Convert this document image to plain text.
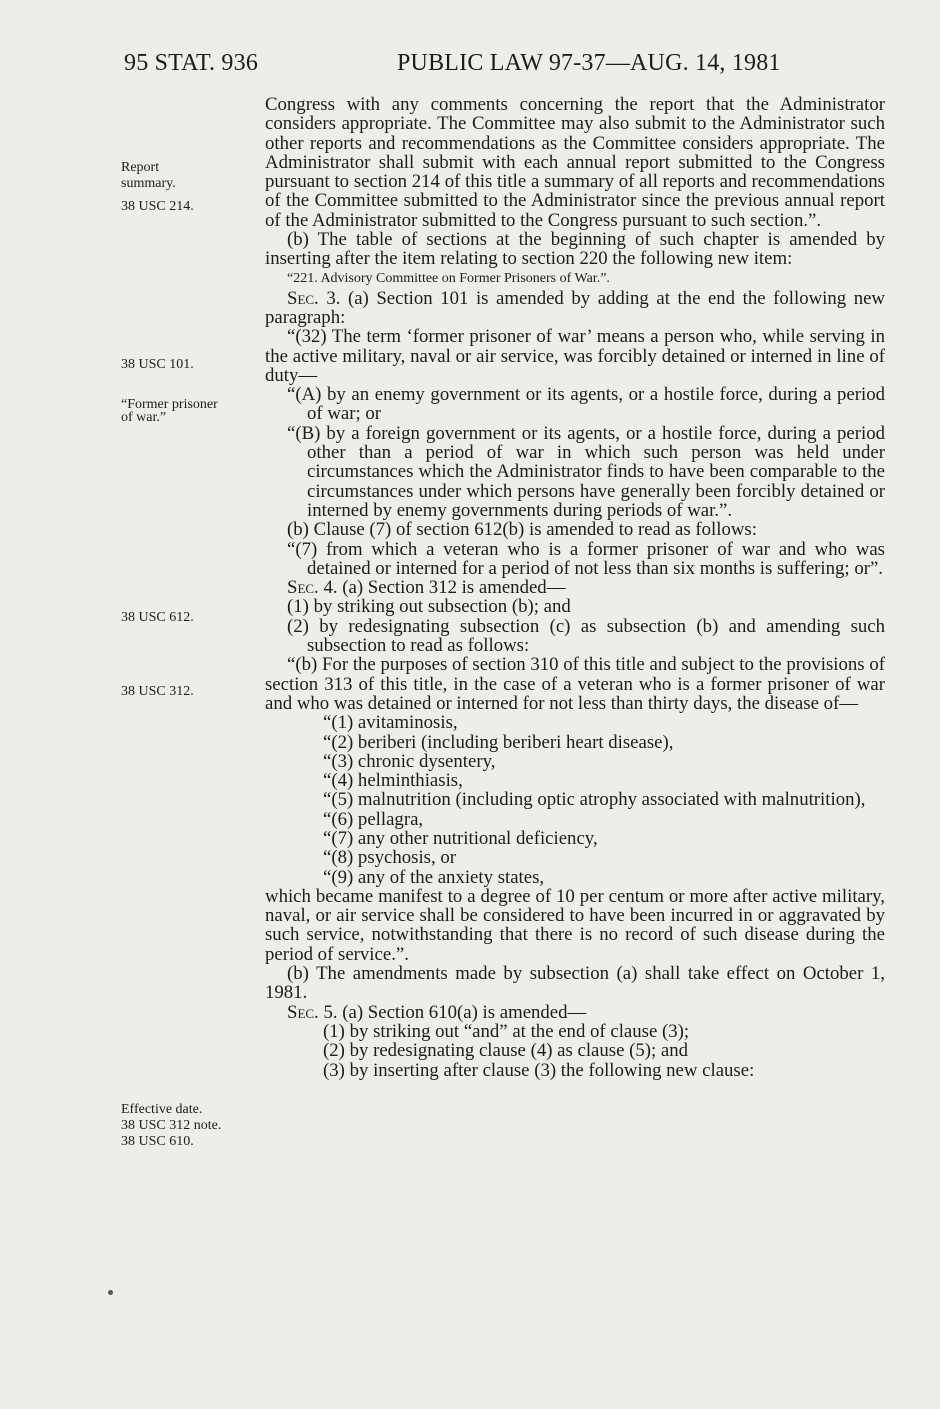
95 STAT. 936	PUBLIC LAW 97-37—AUG. 14, 1981
Report
summary.
38 USC 214.
38 USC 101.
“Former prisoner
of war.”
38 USC 612.
38 USC 312.
Effective date.
38 USC 312 note.
38 USC 610.

Congress with any comments concerning the report that the Administrator considers appropriate. The Committee may also submit to the Administrator such other reports and recommendations as the Committee considers appropriate. The Administrator shall submit with each annual report submitted to the Congress pursuant to section 214 of this title a summary of all reports and recommendations of the Committee submitted to the Administrator since the previous annual report of the Administrator submitted to the Congress pursuant to such section.”.

(b) The table of sections at the beginning of such chapter is amended by inserting after the item relating to section 220 the following new item:

“221. Advisory Committee on Former Prisoners of War.”.

Sec. 3. (a) Section 101 is amended by adding at the end the following new paragraph:

“(32) The term ‘former prisoner of war’ means a person who, while serving in the active military, naval or air service, was forcibly detained or interned in line of duty—

“(A) by an enemy government or its agents, or a hostile force, during a period of war; or

“(B) by a foreign government or its agents, or a hostile force, during a period other than a period of war in which such person was held under circumstances which the Administrator finds to have been comparable to the circumstances under which persons have generally been forcibly detained or interned by enemy governments during periods of war.”.

(b) Clause (7) of section 612(b) is amended to read as follows:

“(7) from which a veteran who is a former prisoner of war and who was detained or interned for a period of not less than six months is suffering; or”.

Sec. 4. (a) Section 312 is amended—

(1) by striking out subsection (b); and

(2) by redesignating subsection (c) as subsection (b) and amending such subsection to read as follows:

“(b) For the purposes of section 310 of this title and subject to the provisions of section 313 of this title, in the case of a veteran who is a former prisoner of war and who was detained or interned for not less than thirty days, the disease of—

“(1) avitaminosis,

“(2) beriberi (including beriberi heart disease),

“(3) chronic dysentery,

“(4) helminthiasis,

“(5) malnutrition (including optic atrophy associated with malnutrition),

“(6) pellagra,

“(7) any other nutritional deficiency,

“(8) psychosis, or

“(9) any of the anxiety states,

which became manifest to a degree of 10 per centum or more after active military, naval, or air service shall be considered to have been incurred in or aggravated by such service, notwithstanding that there is no record of such disease during the period of service.”.

(b) The amendments made by subsection (a) shall take effect on October 1, 1981.

Sec. 5. (a) Section 610(a) is amended—

(1) by striking out “and” at the end of clause (3);

(2) by redesignating clause (4) as clause (5); and

(3) by inserting after clause (3) the following new clause:
